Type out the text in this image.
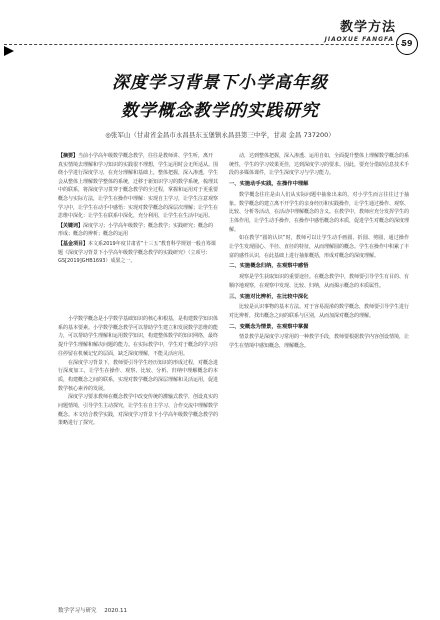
教学方法
JIAOXUE FANGFA 59
深度学习背景下小学高年级
数学概念教学的实践研究
◎张军山（甘肃省金昌市永昌县东玉堡镇永昌县第三中学，甘肃 金昌 737200）

【摘要】当前小学高年级数学概念教学，往往是教师讲、学生听，离开真实情境去理解和学习知识的实践很不理想，学生运用时会无所适从。围绕小学进行深度学习，在充分理解和基础上，整体把握，深入渗透，学生会从整体上理解数学整体的系统，迁移于新知识学习的数学系统，梳理其中的联系，将深度学习贯穿于概念教学的全过程，掌握和运用对于更重要概念与实际方法，让学生在操作中理解：实现自主学习，让学生注意观察学习中，让学生在动手中感悟：实现对数学概念的深层次理解；让学生在思维中深化：让学生在联系中深化，充分利用，让学生在生活中运用。

【关键词】深度学习；小学高年级数学；概念教学；实践研究；概念的形成；概念的辨析；概念的运用

【基金项目】本文系2019年度甘肃省“十三五”教育科学规划一般自筹课题《深度学习背景下小学高年级数学概念教学的实践研究》（立项号：GS[2019]GHB1693）成果之一。

小学数学概念是小学数学基础知识的核心和根基，是构建数学知识体系的基本要素。小学数学概念教学可以帮助学生建立和发展数学思维的能力，可以帮助学生理解和运用数学知识，构建整体数学的知识网络，最终提升学生理解和解决问题的能力。在实际教学中，学生对于概念的学习往往停留在机械记忆的层面，缺乏深度理解，不能灵活应用。

在深度学习背景下，教师要引导学生经历知识的形成过程，对概念进行深度加工，让学生在操作、观察、比较、分析、归纳中理解概念的本质，构建概念之间的联系，实现对数学概念的深层理解和灵活运用，促进数学核心素养的发展。

深度学习要求教师在概念教学中改变传统的灌输式教学，创设真实的问题情境，引导学生主动探究，让学生在自主学习、合作交流中理解数学概念。本文结合教学实践，对深度学习背景下小学高年级数学概念教学的策略进行了探究。

动，达到整体把握，深入渗透、运用自如，全面提升整体上理解数学概念的系统性，学生的学习效果更佳，达到深度学习的要求。因此，要充分借助信息技术手段的多媒体课件，让学生深度学习与学习能力。

一、实施动手实践，在操作中理解

数学概念往往是由人们从实际问题中抽象出来的，对小学生而言往往过于抽象。数学概念的建立离不开学生的亲身经历和实践操作，让学生通过操作、观察、比较、分析等活动，在活动中理解概念的含义。在教学中，教师应充分发挥学生的主体作用，让学生动手操作，在操作中感悟概念的本质，促进学生对概念的深度理解。

如在教学“圆的认识”时，教师可以让学生动手画圆、折圆、剪圆，通过操作让学生发现圆心、半径、直径的特征，从而理解圆的概念。学生在操作中积累了丰富的感性认识，在此基础上进行抽象概括，形成对概念的深度理解。

二、实施概念归纳，在观察中感悟

观察是学生获取知识的重要途径。在概念教学中，教师要引导学生有目的、有顺序地观察，在观察中发现、比较、归纳，从而揭示概念的本质属性。

三、实施对比辨析，在比较中深化

比较是认识事物的基本方法。对于容易混淆的数学概念，教师要引导学生进行对比辨析，找出概念之间的联系与区别，从而加深对概念的理解。

二、变概念为情景，在观察中掌握

情景教学是深度学习常用的一种教学手段，教师要根据教学内容创设情境，让学生在情境中感知概念，理解概念。

数学学习与研究 2020.11
